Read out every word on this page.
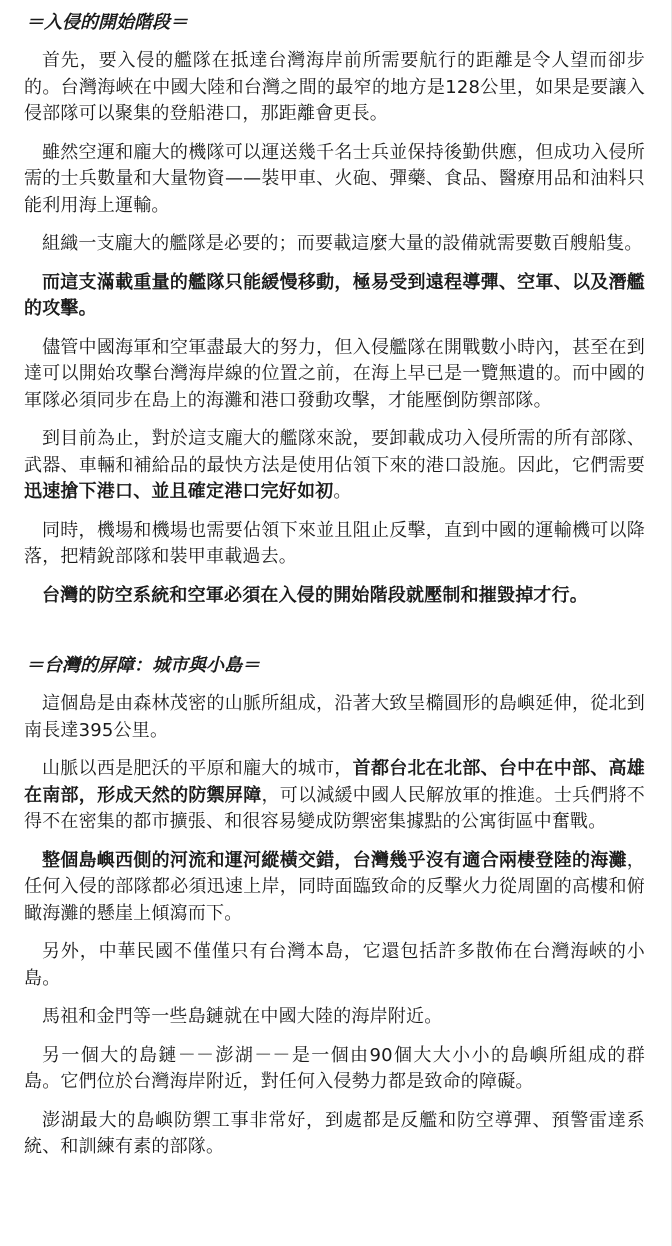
＝入侵的開始階段＝

首先，要入侵的艦隊在抵達台灣海岸前所需要航行的距離是令人望而卻步的。台灣海峽在中國大陸和台灣之間的最窄的地方是128公里，如果是要讓入侵部隊可以聚集的登船港口，那距離會更長。

雖然空運和龐大的機隊可以運送幾千名士兵並保持後勤供應，但成功入侵所需的士兵數量和大量物資——裝甲車、火砲、彈藥、食品、醫療用品和油料只能利用海上運輸。

組織一支龐大的艦隊是必要的；而要載這麼大量的設備就需要數百艘船隻。

而這支滿載重量的艦隊只能緩慢移動，極易受到遠程導彈、空軍、以及潛艦的攻擊。

儘管中國海軍和空軍盡最大的努力，但入侵艦隊在開戰數小時內，甚至在到達可以開始攻擊台灣海岸線的位置之前，在海上早已是一覽無遺的。而中國的軍隊必須同步在島上的海灘和港口發動攻擊，才能壓倒防禦部隊。

到目前為止，對於這支龐大的艦隊來說，要卸載成功入侵所需的所有部隊、武器、車輛和補給品的最快方法是使用佔領下來的港口設施。因此，它們需要迅速搶下港口、並且確定港口完好如初。

同時，機場和機場也需要佔領下來並且阻止反擊，直到中國的運輸機可以降落，把精銳部隊和裝甲車載過去。

台灣的防空系統和空軍必須在入侵的開始階段就壓制和摧毀掉才行。

＝台灣的屏障：城市與小島＝

這個島是由森林茂密的山脈所組成，沿著大致呈橢圓形的島嶼延伸，從北到南長達395公里。

山脈以西是肥沃的平原和龐大的城市，首都台北在北部、台中在中部、高雄在南部，形成天然的防禦屏障，可以減緩中國人民解放軍的推進。士兵們將不得不在密集的都市擴張、和很容易變成防禦密集據點的公寓街區中奮戰。

整個島嶼西側的河流和運河縱橫交錯，台灣幾乎沒有適合兩棲登陸的海灘，任何入侵的部隊都必須迅速上岸，同時面臨致命的反擊火力從周圍的高樓和俯瞰海灘的懸崖上傾瀉而下。

另外，中華民國不僅僅只有台灣本島，它還包括許多散佈在台灣海峽的小島。

馬祖和金門等一些島鏈就在中國大陸的海岸附近。

另一個大的島鏈－－澎湖－－是一個由90個大大小小的島嶼所組成的群島。它們位於台灣海岸附近，對任何入侵勢力都是致命的障礙。

澎湖最大的島嶼防禦工事非常好，到處都是反艦和防空導彈、預警雷達系統、和訓練有素的部隊。
